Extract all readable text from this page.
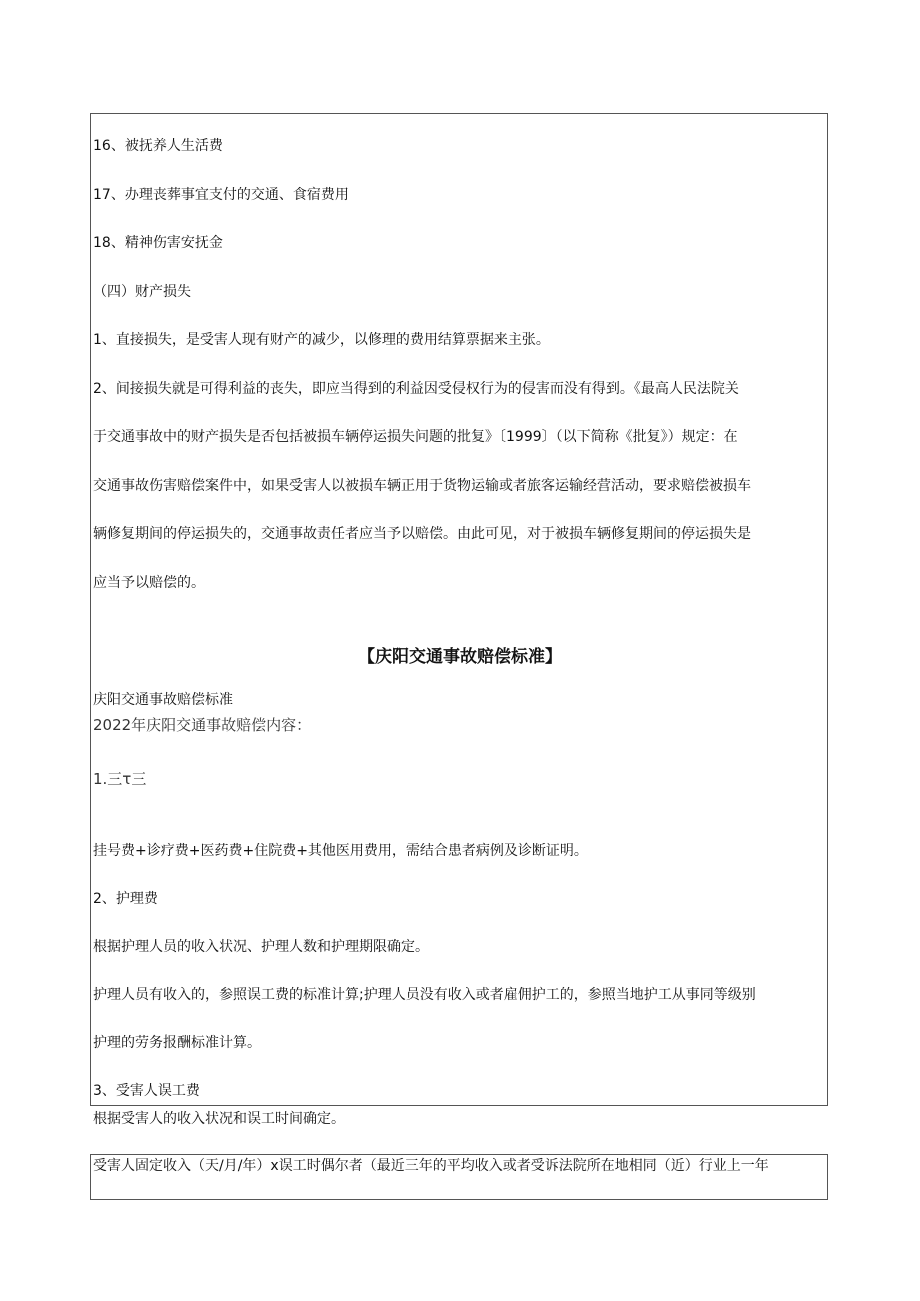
16、被抚养人生活费
17、办理丧葬事宜支付的交通、食宿费用
18、精神伤害安抚金
（四）财产损失
1、直接损失，是受害人现有财产的减少，以修理的费用结算票据来主张。
2、间接损失就是可得利益的丧失，即应当得到的利益因受侵权行为的侵害而没有得到。《最高人民法院关
于交通事故中的财产损失是否包括被损车辆停运损失问题的批复》〔1999〕（以下简称《批复》）规定：在
交通事故伤害赔偿案件中，如果受害人以被损车辆正用于货物运输或者旅客运输经营活动，要求赔偿被损车
辆修复期间的停运损失的，交通事故责任者应当予以赔偿。由此可见，对于被损车辆修复期间的停运损失是
应当予以赔偿的。
【庆阳交通事故赔偿标准】
庆阳交通事故赔偿标准
2022年庆阳交通事故赔偿内容：
1.三τ三
挂号费+诊疗费+医药费+住院费+其他医用费用，需结合患者病例及诊断证明。
2、护理费
根据护理人员的收入状况、护理人数和护理期限确定。
护理人员有收入的，参照误工费的标准计算;护理人员没有收入或者雇佣护工的，参照当地护工从事同等级别
护理的劳务报酬标准计算。
3、受害人误工费
根据受害人的收入状况和误工时间确定。
受害人固定收入（天/月/年）x误工时偶尔者（最近三年的平均收入或者受诉法院所在地相同（近）行业上一年
